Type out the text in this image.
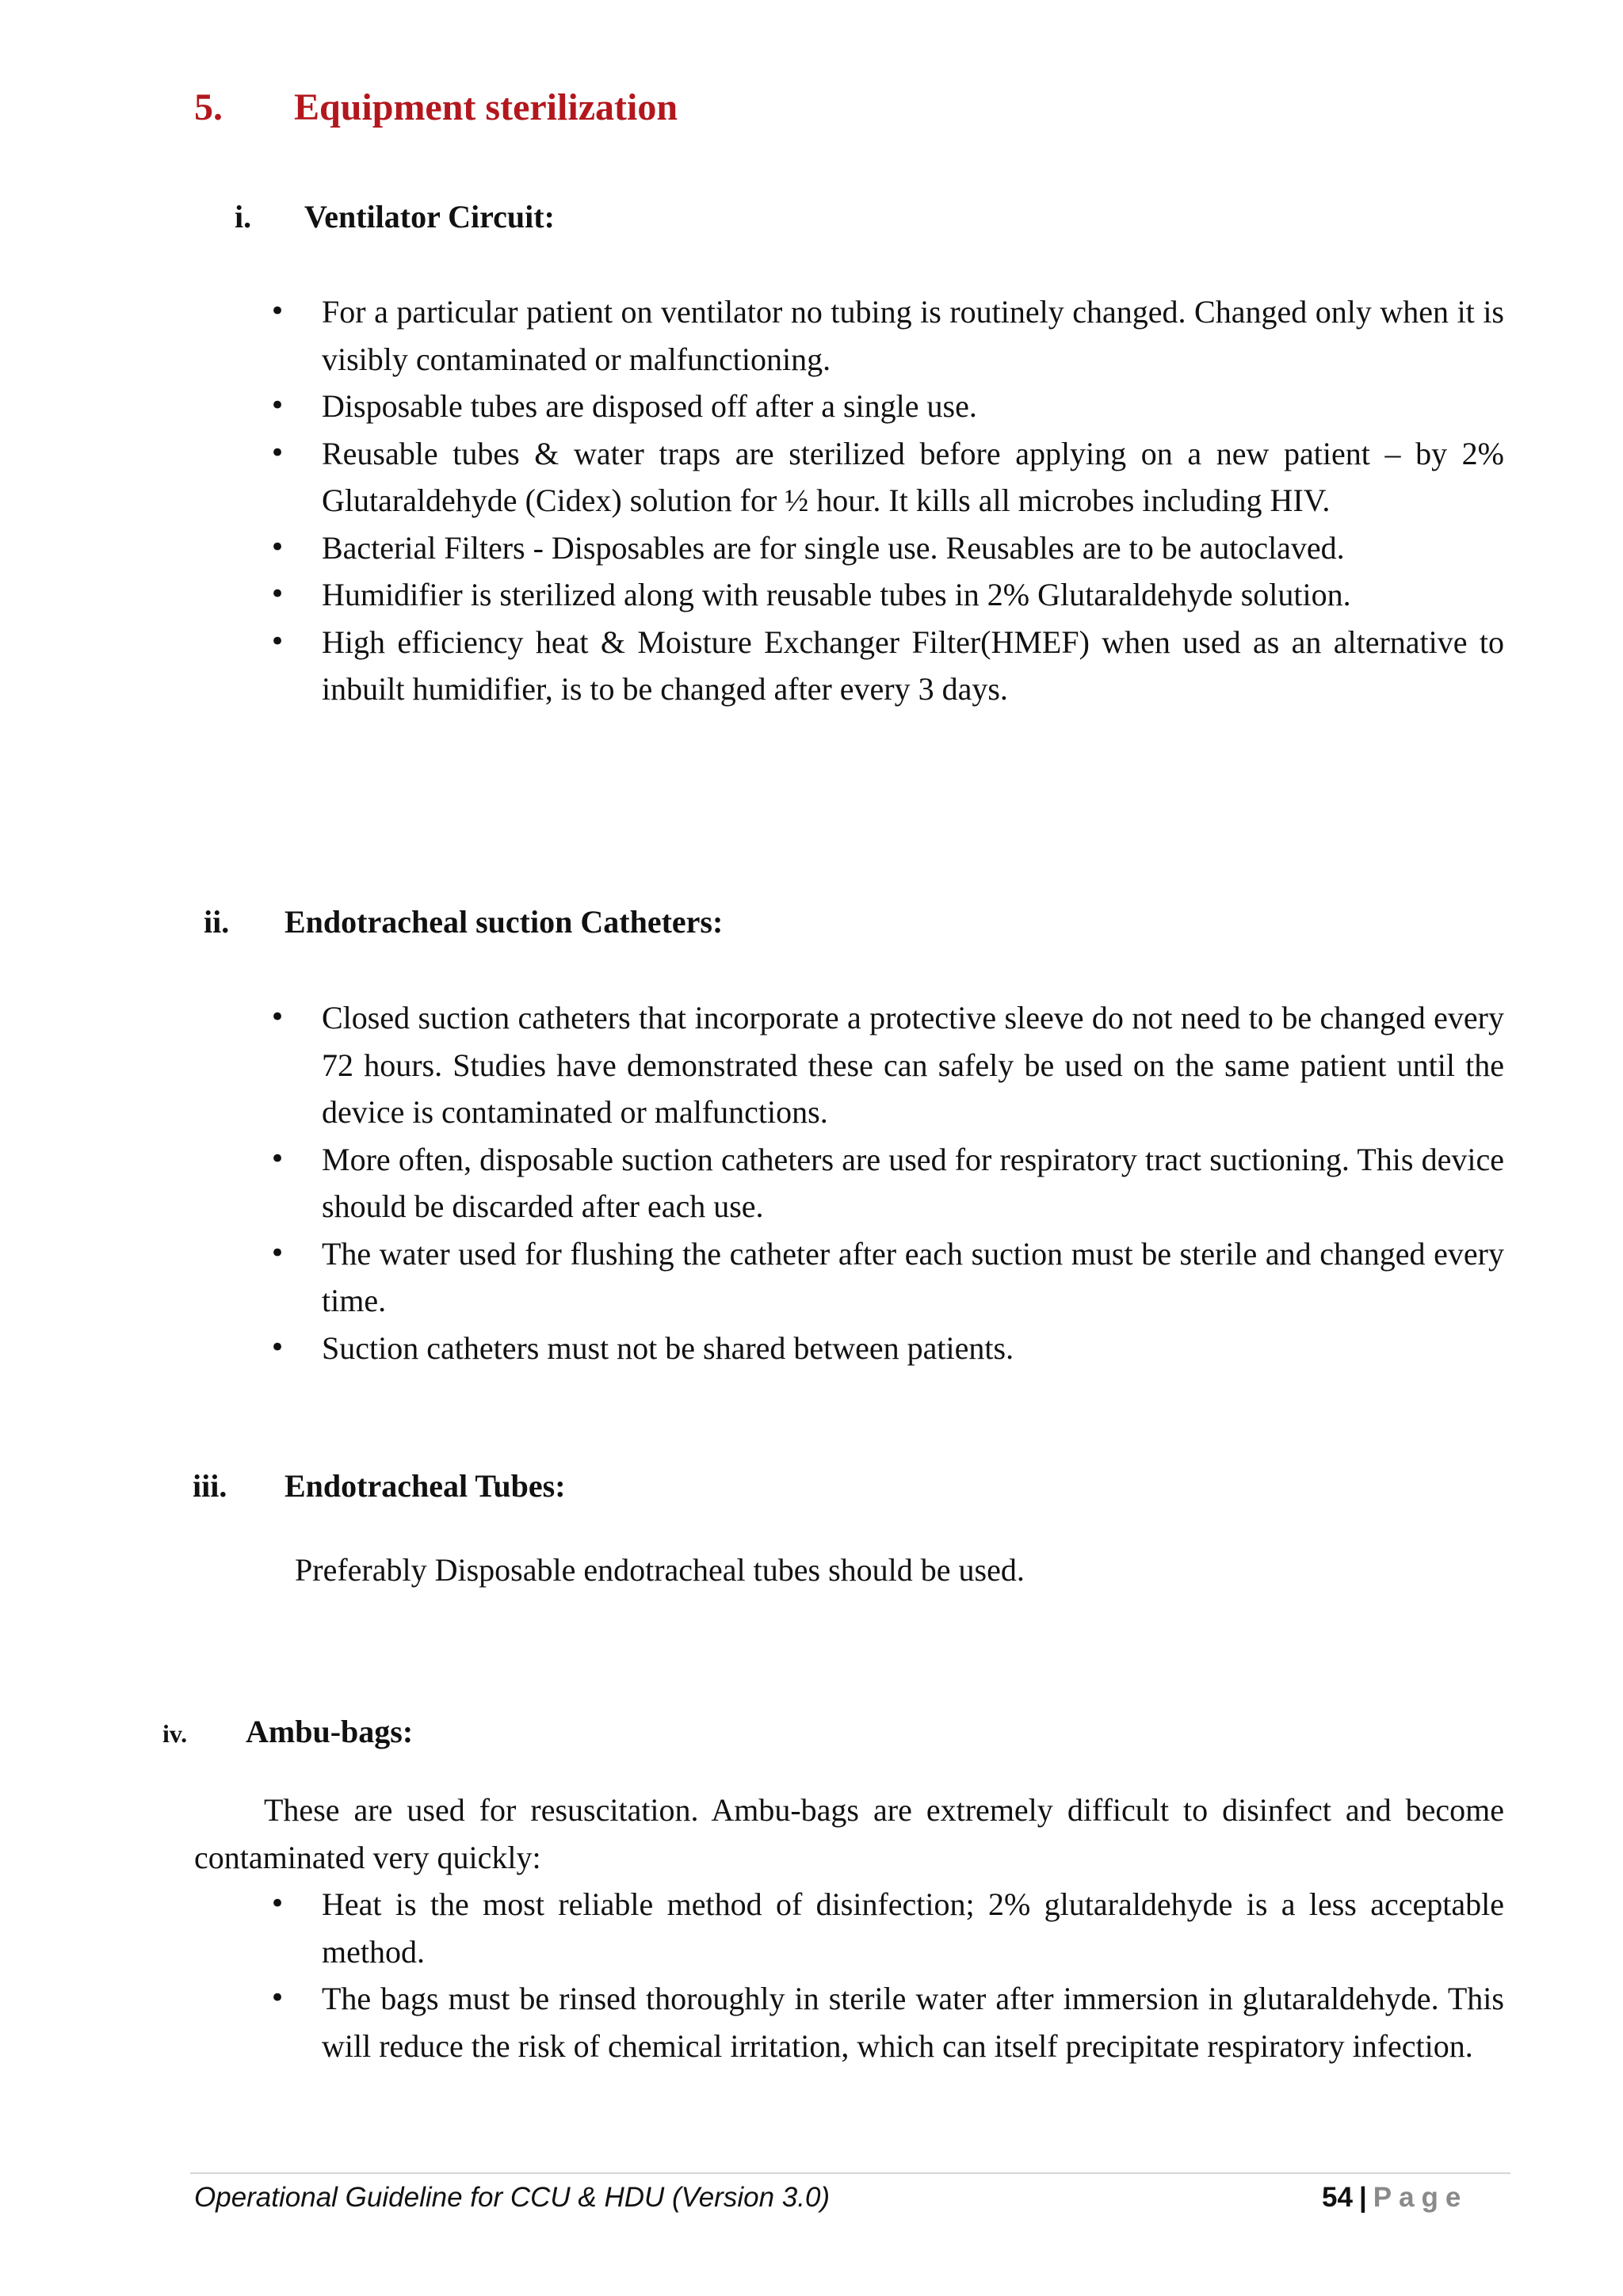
5.	Equipment sterilization
i.	Ventilator Circuit:
• For a particular patient on ventilator no tubing is routinely changed. Changed only when it is visibly contaminated or malfunctioning.
• Disposable tubes are disposed off after a single use.
• Reusable tubes & water traps are sterilized before applying on a new patient – by 2% Glutaraldehyde (Cidex) solution for ½ hour. It kills all microbes including HIV.
• Bacterial Filters - Disposables are for single use. Reusables are to be autoclaved.
• Humidifier is sterilized along with reusable tubes in 2% Glutaraldehyde solution.
• High efficiency heat & Moisture Exchanger Filter(HMEF) when used as an alternative to inbuilt humidifier, is to be changed after every 3 days.
ii.	Endotracheal suction Catheters:
• Closed suction catheters that incorporate a protective sleeve do not need to be changed every 72 hours. Studies have demonstrated these can safely be used on the same patient until the device is contaminated or malfunctions.
• More often, disposable suction catheters are used for respiratory tract suctioning. This device should be discarded after each use.
• The water used for flushing the catheter after each suction must be sterile and changed every time.
• Suction catheters must not be shared between patients.
iii.	Endotracheal Tubes:
Preferably Disposable endotracheal tubes should be used.
iv.	Ambu-bags:
These are used for resuscitation. Ambu-bags are extremely difficult to disinfect and become contaminated very quickly:
• Heat is the most reliable method of disinfection; 2% glutaraldehyde is a less acceptable method.
• The bags must be rinsed thoroughly in sterile water after immersion in glutaraldehyde. This will reduce the risk of chemical irritation, which can itself precipitate respiratory infection.
Operational Guideline for CCU & HDU (Version 3.0)	54 | Page
